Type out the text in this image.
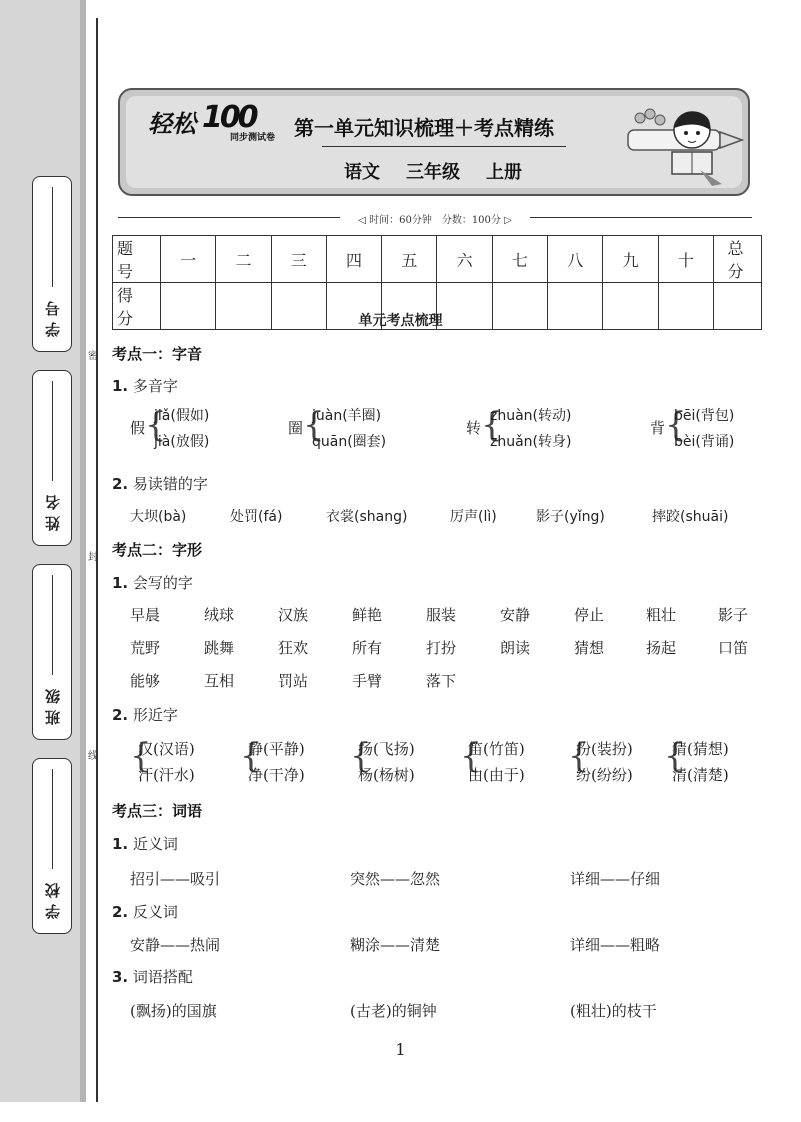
密
封
线
学号
姓名
班级
学校
轻松 100
同步测试卷 第一单元知识梳理＋考点精练
语文 三年级 上册
◁ 时间：60分钟　分数：100分 ▷
题 号	一	二	三	四	五	六	七	八	九	十	总 分
得 分												单元考点梳理
考点一：字音
1. 多音字
假 {
jiǎ(假如)
jià(放假)
圈 {
juàn(羊圈)
quān(圈套)
转 {
zhuàn(转动)
zhuǎn(转身)
背 {
bēi(背包)
bèi(背诵)
2. 易读错的字
大坝(bà)	处罚(fá)	衣裳(shang)	厉声(lì)	影子(yǐng)	摔跤(shuāi)
考点二：字形
1. 会写的字
早晨	绒球	汉族	鲜艳	服装	安静	停止	粗壮	影子
荒野	跳舞	狂欢	所有	打扮	朗读	猜想	扬起	口笛
能够	互相	罚站	手臂	落下
2. 形近字
{
汉(汉语)
汗(汗水) {
静(平静)
净(干净) {
扬(飞扬)
杨(杨树) {
笛(竹笛)
由(由于) {
扮(装扮)
纷(纷纷) {
猜(猜想)
清(清楚)
考点三：词语
1. 近义词
招引——吸引	突然——忽然	详细——仔细
2. 反义词
安静——热闹	糊涂——清楚	详细——粗略
3. 词语搭配
(飘扬)的国旗	(古老)的铜钟	(粗壮)的枝干
1
